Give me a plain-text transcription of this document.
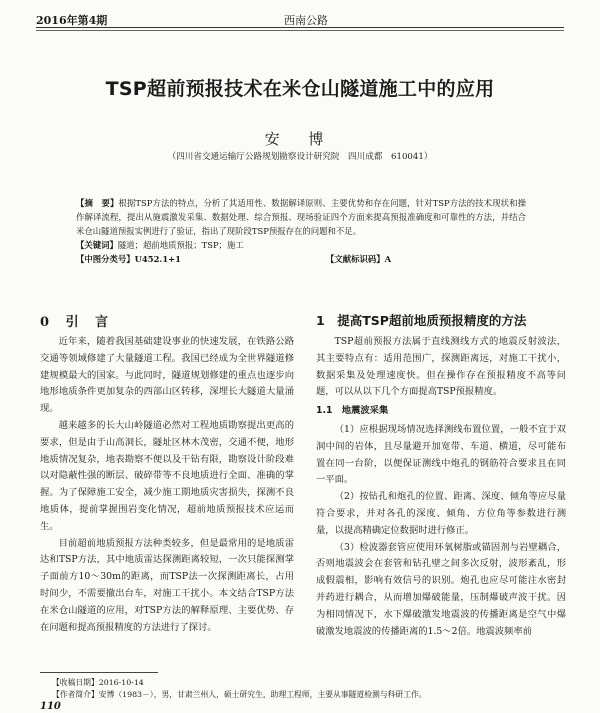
2016年第4期	西南公路
TSP超前预报技术在米仓山隧道施工中的应用
安 博
（四川省交通运输厅公路规划勘察设计研究院　四川成都　610041）
【摘　要】根据TSP方法的特点，分析了其适用性、数据解译原则、主要优势和存在问题，针对TSP方法的技术现状和操作解译流程，提出从施震激发采集、数据处理、综合预报、现场验证四个方面来提高预报准确度和可靠性的方法，并结合米仓山隧道预报实例进行了验证，指出了现阶段TSP预报存在的问题和不足。
【关键词】隧道；超前地质预报；TSP；施工
【中图分类号】U452.1+1	【文献标识码】A
0 引 言	1　提高TSP超前地质预报精度的方法

近年来，随着我国基础建设事业的快速发展，在铁路公路交通等领域修建了大量隧道工程。我国已经成为全世界隧道修建规模最大的国家。与此同时，隧道规划修建的重点也逐步向地形地质条件更加复杂的西部山区转移，深埋长大隧道大量涌现。

越来越多的长大山岭隧道必然对工程地质勘察提出更高的要求，但是由于山高洞长，隧址区林木茂密，交通不便，地形地质情况复杂，地表勘察不便以及干钻有限，勘察设计阶段难以对隐蔽性强的断层、破碎带等不良地质进行全面、准确的掌握。为了保障施工安全，减少施工期地质灾害损失，探测不良地质体，提前掌握围岩变化情况，超前地质预报技术应运而生。

目前超前地质预报方法种类较多，但是最常用的是地质雷达和TSP方法，其中地质雷达探测距离较短，一次只能探测掌子面前方10～30m的距离，而TSP法一次探测距离长，占用时间少，不需要撤出台车，对施工干扰小。本文结合TSP方法在米仓山隧道的应用，对TSP方法的解释原理、主要优势、存在问题和提高预报精度的方法进行了探讨。

TSP超前预报方法属于直线测线方式的地震反射波法，其主要特点有：适用范围广，探测距离远，对施工干扰小，数据采集及处理速度快。但在操作存在预报精度不高等问题，可以从以下几个方面提高TSP预报精度。

1.1　地震波采集

（1）应根据现场情况选择测线布置位置，一般不宜于双洞中间的岩体，且尽量避开加宽带、车道、横道，尽可能布置在同一台阶，以便保证测线中炮孔的钢筋符合要求且在同一平面。

（2）按钻孔和炮孔的位置、距离、深度、倾角等应尽量符合要求，并对各孔的深度、倾角、方位角等参数进行测量，以提高精确定位数据时进行修正。

（3）检波器套管应使用环氧树脂或锚固剂与岩壁耦合，否则地震波会在套管和钻孔壁之间多次反射，波形紊乱，形成假震相，影响有效信号的识别。炮孔也应尽可能注水密封并药进行耦合，从而增加爆破能量，压制爆破声波干扰。因为相同情况下，水下爆破激发地震波的传播距离是空气中爆破激发地震波的传播距离的1.5～2倍。地震波频率前

【收稿日期】2016-10-14
【作者简介】安博（1983－），男，甘肃兰州人，硕士研究生，助理工程师，主要从事隧道检测与科研工作。
110
